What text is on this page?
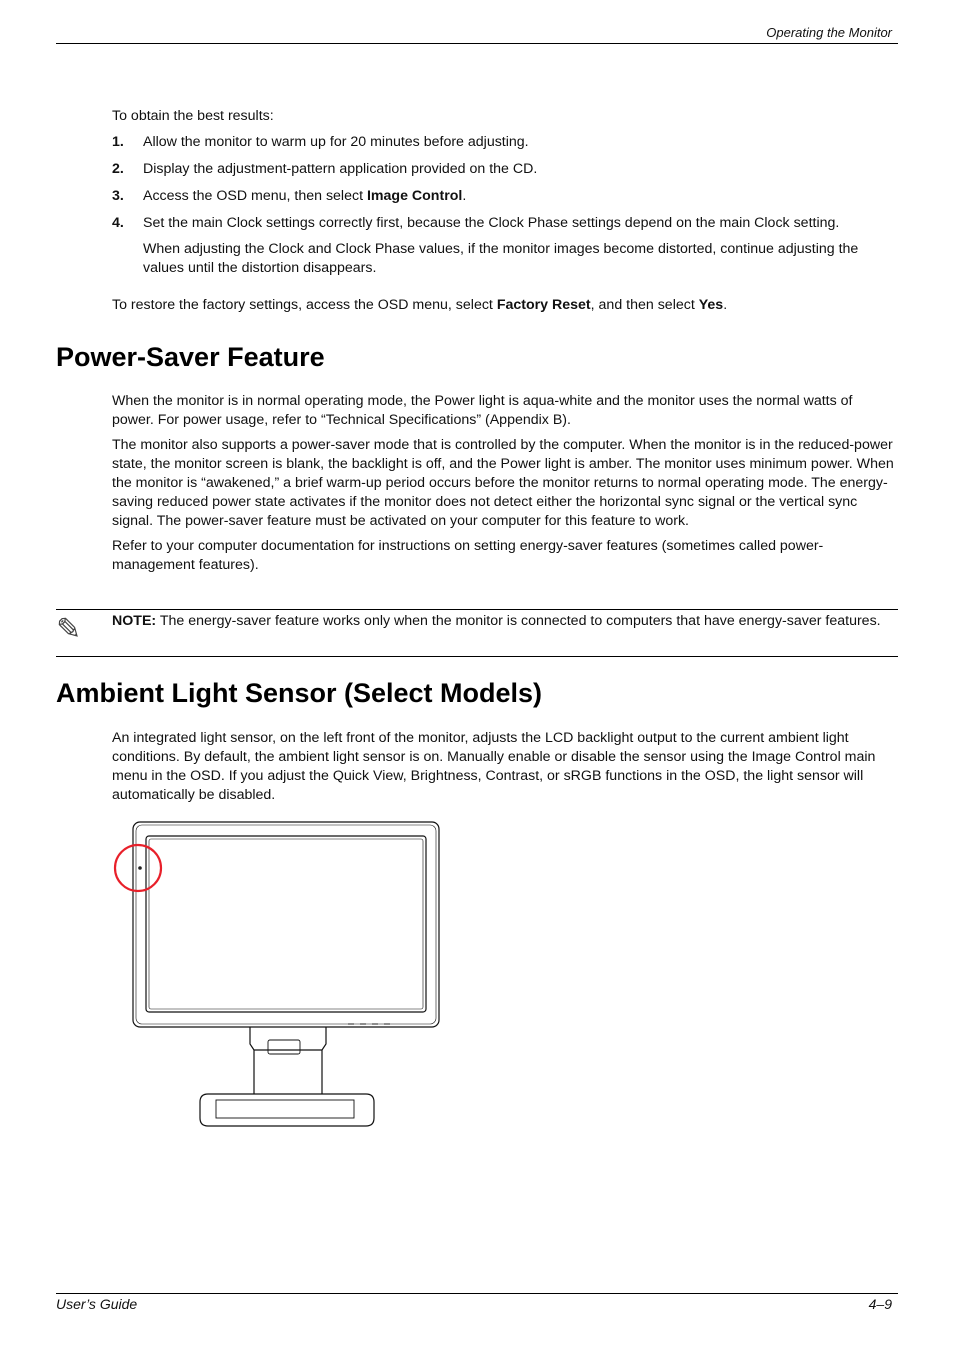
Operating the Monitor

To obtain the best results:

1. Allow the monitor to warm up for 20 minutes before adjusting.
2. Display the adjustment-pattern application provided on the CD.
3. Access the OSD menu, then select Image Control.
4. Set the main Clock settings correctly first, because the Clock Phase settings depend on the main Clock setting.
When adjusting the Clock and Clock Phase values, if the monitor images become distorted, continue adjusting the values until the distortion disappears.

To restore the factory settings, access the OSD menu, select Factory Reset, and then select Yes.

Power-Saver Feature

When the monitor is in normal operating mode, the Power light is aqua-white and the monitor uses the normal watts of power. For power usage, refer to “Technical Specifications” (Appendix B).

The monitor also supports a power-saver mode that is controlled by the computer. When the monitor is in the reduced-power state, the monitor screen is blank, the backlight is off, and the Power light is amber. The monitor uses minimum power. When the monitor is “awakened,” a brief warm-up period occurs before the monitor returns to normal operating mode. The energy-saving reduced power state activates if the monitor does not detect either the horizontal sync signal or the vertical sync signal. The power-saver feature must be activated on your computer for this feature to work.

Refer to your computer documentation for instructions on setting energy-saver features (sometimes called power-management features).

✎ NOTE: The energy-saver feature works only when the monitor is connected to computers that have energy-saver features.

Ambient Light Sensor (Select Models)

An integrated light sensor, on the left front of the monitor, adjusts the LCD backlight output to the current ambient light conditions. By default, the ambient light sensor is on. Manually enable or disable the sensor using the Image Control main menu in the OSD. If you adjust the Quick View, Brightness, Contrast, or sRGB functions in the OSD, the light sensor will automatically be disabled.

User’s Guide	4–9
